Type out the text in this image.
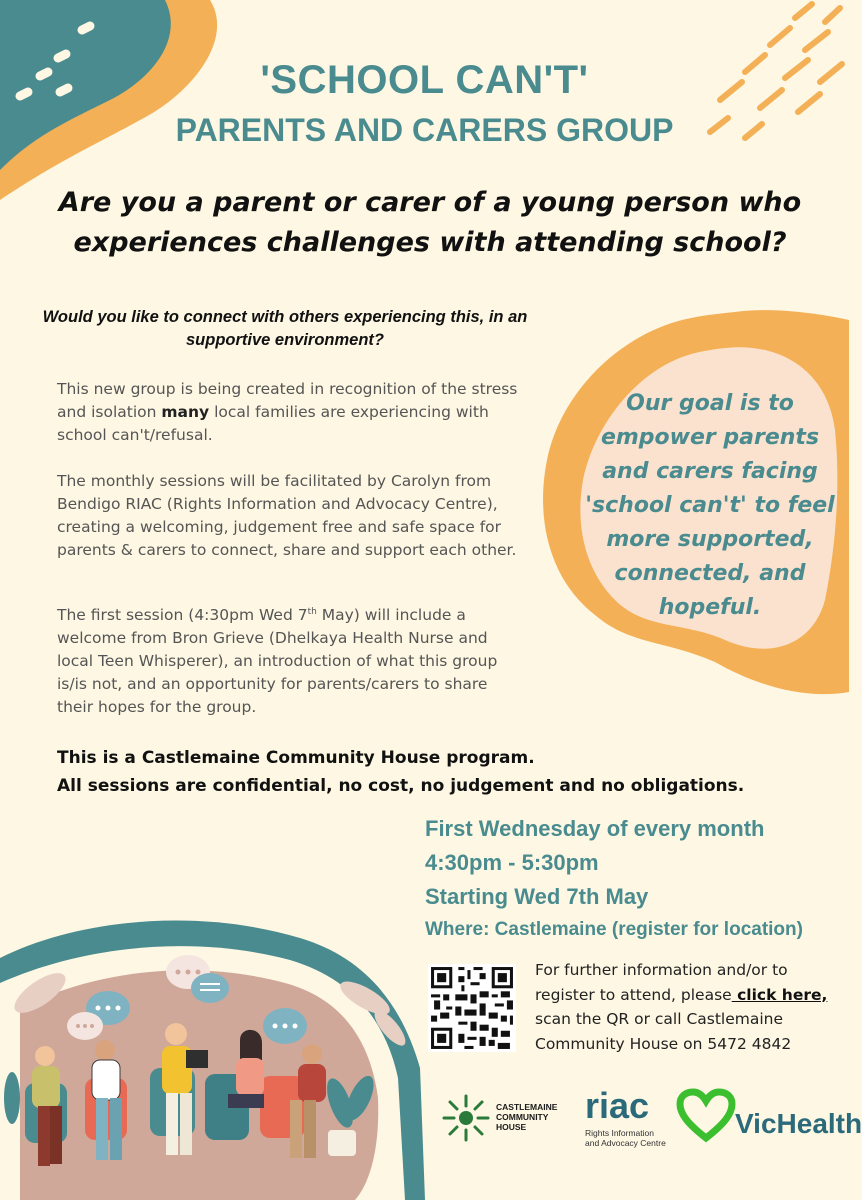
'SCHOOL CAN'T'
PARENTS AND CARERS GROUP
Are you a parent or carer of a young person who experiences challenges with attending school?
Would you like to connect with others experiencing this, in an supportive environment?

This new group is being created in recognition of the stress and isolation many local families are experiencing with school can't/refusal.

The monthly sessions will be facilitated by Carolyn from Bendigo RIAC (Rights Information and Advocacy Centre), creating a welcoming, judgement free and safe space for parents & carers to connect, share and support each other.

The first session (4:30pm Wed 7th May) will include a welcome from Bron Grieve (Dhelkaya Health Nurse and local Teen Whisperer), an introduction of what this group is/is not, and an opportunity for parents/carers to share their hopes for the group.

This is a Castlemaine Community House program.
All sessions are confidential, no cost, no judgement and no obligations.
Our goal is to empower parents and carers facing 'school can't' to feel more supported, connected, and hopeful.
First Wednesday of every month
4:30pm - 5:30pm
Starting Wed 7th May
Where: Castlemaine (register for location)
For further information and/or to register to attend, please click here, scan the QR or call Castlemaine Community House on 5472 4842
CASTLEMAINE
COMMUNITY
HOUSE
riac
Rights Information
and Advocacy Centre
VicHealth
